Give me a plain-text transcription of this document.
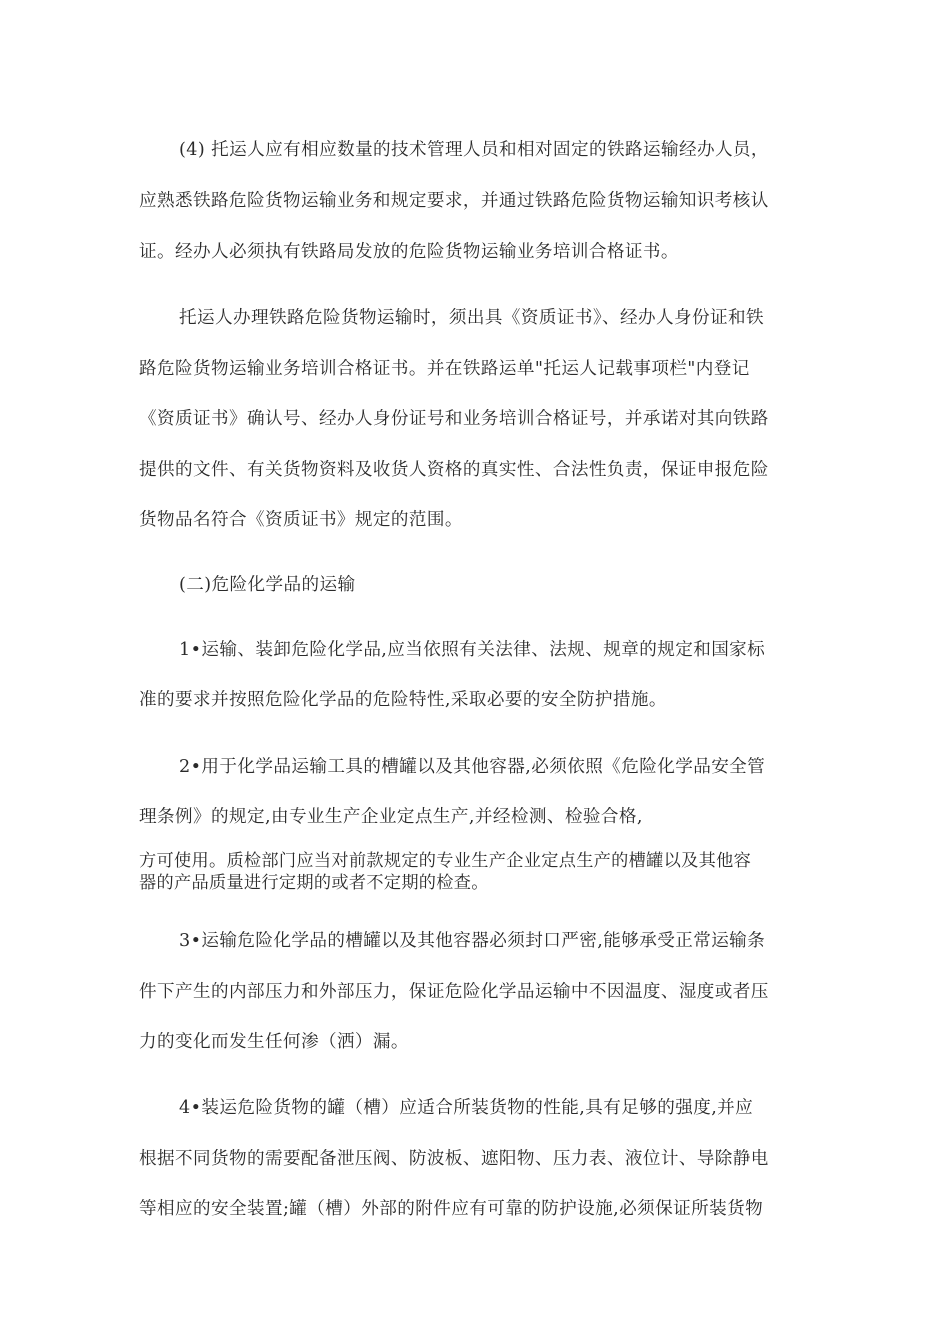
(4) 托运人应有相应数量的技术管理人员和相对固定的铁路运输经办人员，
应熟悉铁路危险货物运输业务和规定要求，并通过铁路危险货物运输知识考核认
证。经办人必须执有铁路局发放的危险货物运输业务培训合格证书。
托运人办理铁路危险货物运输时，须出具《资质证书》、经办人身份证和铁
路危险货物运输业务培训合格证书。并在铁路运单"托运人记载事项栏"内登记
《资质证书》确认号、经办人身份证号和业务培训合格证号，并承诺对其向铁路
提供的文件、有关货物资料及收货人资格的真实性、合法性负责，保证申报危险
货物品名符合《资质证书》规定的范围。
(二)危险化学品的运输
1•运输、装卸危险化学品,应当依照有关法律、法规、规章的规定和国家标
准的要求并按照危险化学品的危险特性,采取必要的安全防护措施。
2•用于化学品运输工具的槽罐以及其他容器,必须依照《危险化学品安全管
理条例》的规定,由专业生产企业定点生产,并经检测、检验合格,
方可使用。质检部门应当对前款规定的专业生产企业定点生产的槽罐以及其他容
器的产品质量进行定期的或者不定期的检查。
3•运输危险化学品的槽罐以及其他容器必须封口严密,能够承受正常运输条
件下产生的内部压力和外部压力，保证危险化学品运输中不因温度、湿度或者压
力的变化而发生任何渗（洒）漏。
4•装运危险货物的罐（槽）应适合所装货物的性能,具有足够的强度,并应
根据不同货物的需要配备泄压阀、防波板、遮阳物、压力表、液位计、导除静电
等相应的安全装置;罐（槽）外部的附件应有可靠的防护设施,必须保证所装货物
